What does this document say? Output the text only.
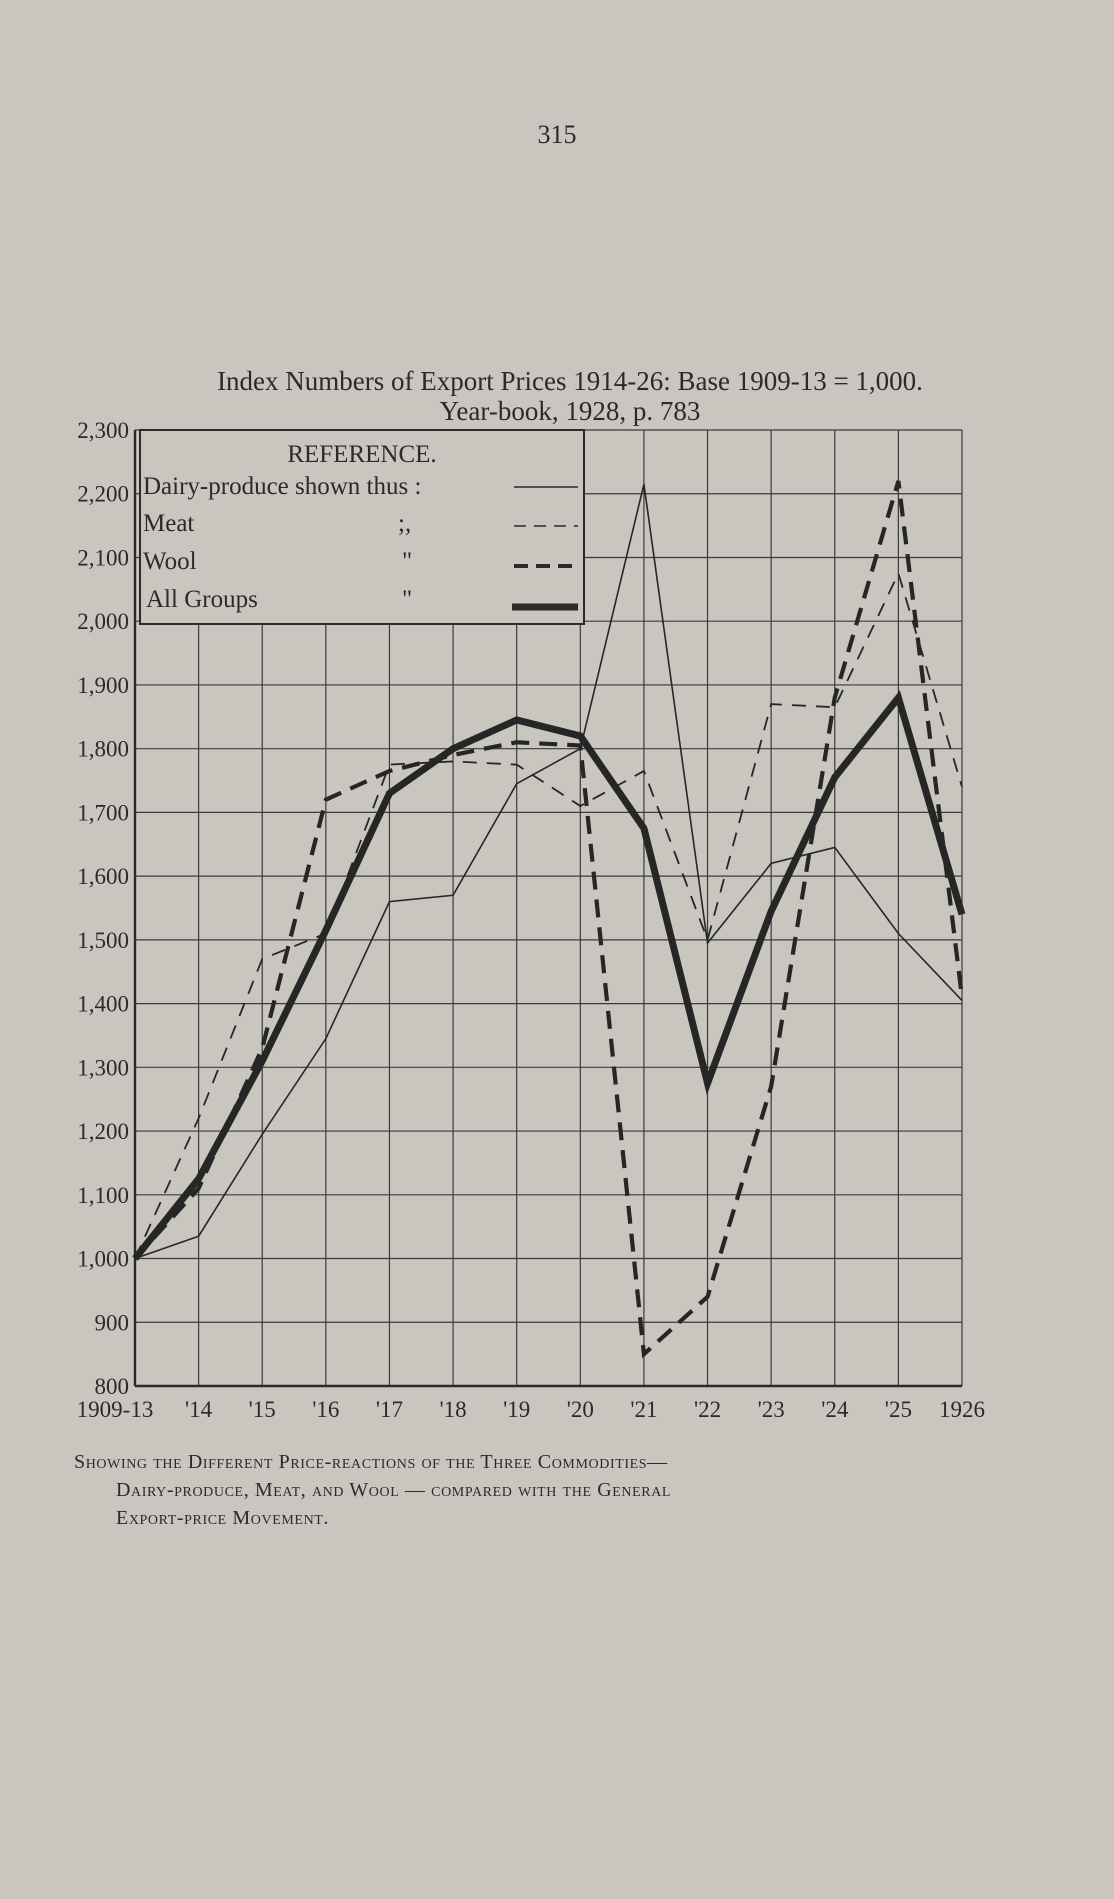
315
Index Numbers of Export Prices 1914-26: Base 1909-13 = 1,000.
Year-book, 1928, p. 783
800
900
1,000
1,100
1,200
1,300
1,400
1,500
1,600
1,700
1,800
1,900
2,000
2,100
2,200
2,300
1909-13 '14 '15 '16 '17 '18 '19 '20 '21 '22 '23 '24 '25 1926
REFERENCE.
Dairy-produce shown thus :
Meat	;,
Wool	"
All Groups	"
Showing the Different Price-reactions of the Three Commodities—
Dairy-produce, Meat, and Wool — compared with the General
Export-price Movement.
